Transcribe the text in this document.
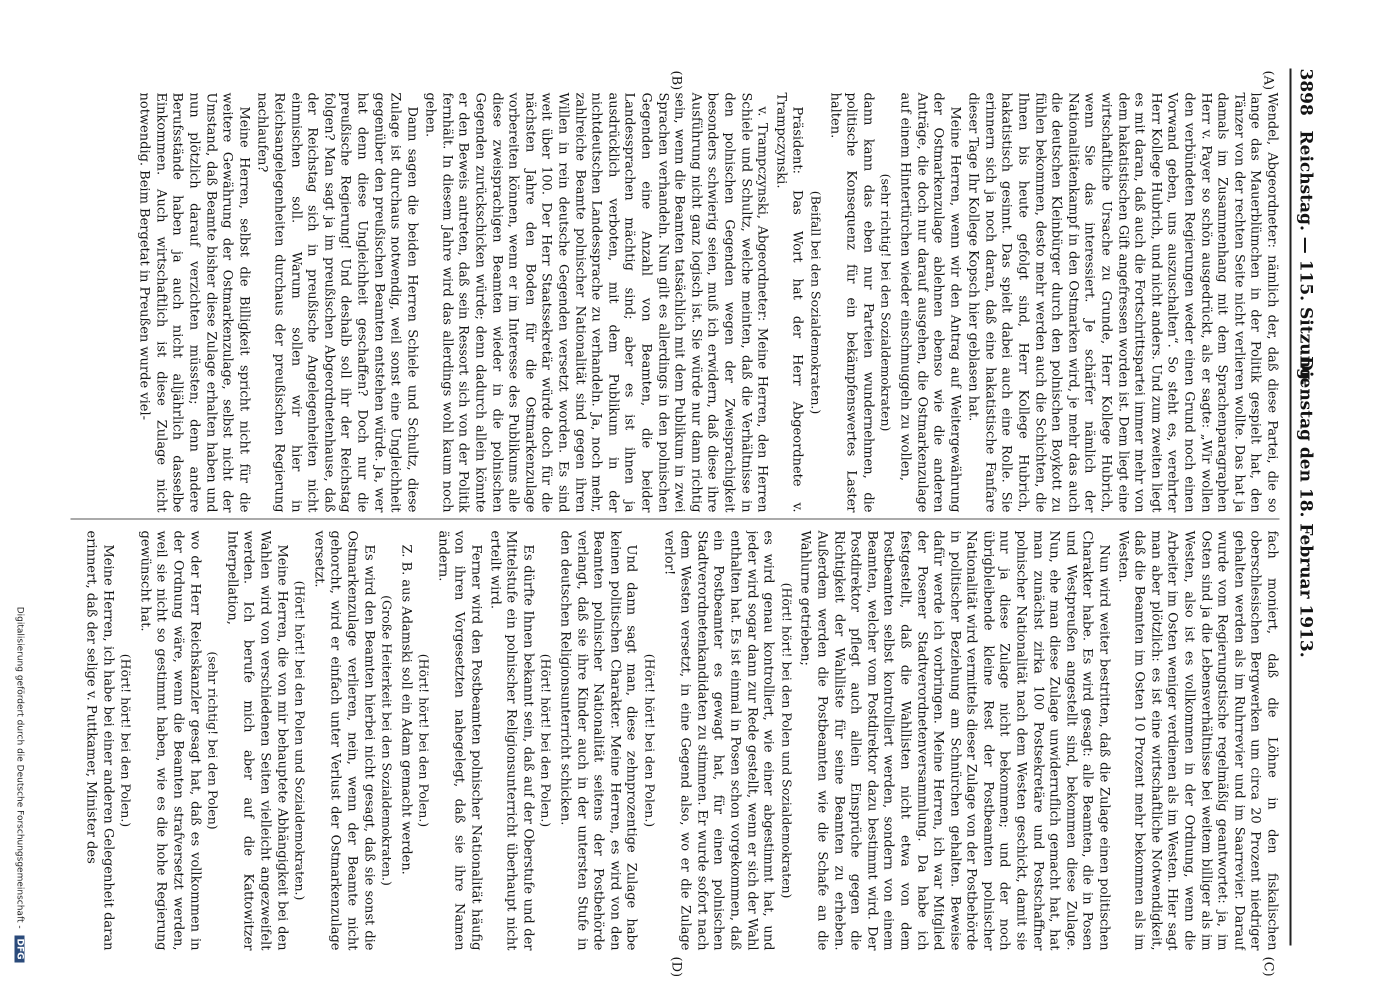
3898
Reichstag. — 115. Sitzung.
Dienstag den 18. Februar 1913.
(A)
(B)
(C)
(D)

Wendel, Abgeordneter: nämlich der, daß diese Partei, die so lange das Mauerblümchen in der Politik gespielt hat, den Tänzer von der rechten Seite nicht verlieren wollte. Das hat ja damals im Zusammenhang mit dem Sprachenparagraphen Herr v. Payer so schön ausgedrückt, als er sagte: „Wir wollen den verbündeten Regierungen weder einen Grund noch einen Vorwand geben, uns auszuschalten“. So steht es, verehrter Herr Kollege Hubrich, und nicht anders. Und zum zweiten liegt es mit daran, daß auch die Fortschrittspartei immer mehr von dem hakatistischen Gift angefressen worden ist. Dem liegt eine wirtschaftliche Ursache zu Grunde, Herr Kollege Hubrich, wenn Sie das interessiert. Je schärfer nämlich der Nationalitätenkampf in den Ostmarken wird, je mehr das auch die deutschen Kleinbürger durch den polnischen Boykott zu fühlen bekommen, desto mehr werden auch die Schichten, die Ihnen bis heute gefolgt sind, Herr Kollege Hubrich, hakatistisch gesinnt. Das spielt dabei auch eine Rolle. Sie erinnern sich ja noch daran, daß eine hakatistische Fanfare dieser Tage Ihr Kollege Kopsch hier geblasen hat.

Meine Herren, wenn wir den Antrag auf Weitergewährung der Ostmarkenzulage ablehnen ebenso wie die anderen Anträge, die doch nur darauf ausgehen, die Ostmarkenzulage auf einem Hintertürchen wieder einschmuggeln zu wollen,

(sehr richtig! bei den Sozialdemokraten)

dann kann das eben nur Parteien wundernehmen, die politische Konsequenz für ein bekämpfenswertes Laster halten.

(Beifall bei den Sozialdemokraten.)

Präsident: Das Wort hat der Herr Abgeordnete v. Trampczynski.

v. Trampczynski, Abgeordneter: Meine Herren, den Herren Schiele und Schultz, welche meinten, daß die Verhältnisse in den polnischen Gegenden wegen der Zweisprachigkeit besonders schwierig seien, muß ich erwidern, daß diese ihre Ausführung nicht ganz logisch ist. Sie würde nur dann richtig sein, wenn die Beamten tatsächlich mit dem Publikum in zwei Sprachen verhandeln. Nun gilt es allerdings in den polnischen Gegenden eine Anzahl von Beamten, die beider Landessprachen mächtig sind; aber es ist ihnen ja ausdrücklich verboten, mit dem Publikum in der nichtdeutschen Landessprache zu verhandeln. Ja, noch mehr, zahlreiche Beamte polnischer Nationalität sind gegen ihren Willen in rein deutsche Gegenden versetzt worden. Es sind weit über 100. Der Herr Staatssekretär würde doch für die nächsten Jahre den Boden für die Ostmarkenzulage vorbereiten können, wenn er im Interesse des Publikums alle diese zweisprachigen Beamten wieder in die polnischen Gegenden zurückschicken würde; denn dadurch allein könnte er den Beweis antreten, daß sein Ressort sich von der Politik fernhält. In diesem Jahre wird das allerdings wohl kaum noch gehen.

Dann sagen die beiden Herren Schiele und Schultz, diese Zulage ist durchaus notwendig, weil sonst eine Ungleichheit gegenüber den preußischen Beamten entstehen würde. Ja, wer hat denn diese Ungleichheit geschaffen? Doch nur die preußische Regierung! Und deshalb soll ihr der Reichstag folgen? Man sagt ja im preußischen Abgeordnetenhause, daß der Reichstag sich in preußische Angelegenheiten nicht einmischen soll. Warum sollen wir hier in Reichsangelegenheiten durchaus der preußischen Regierung nachlaufen?

Meine Herren, selbst die Billigkeit spricht nicht für die weitere Gewährung der Ostmarkenzulage, selbst nicht der Umstand, daß Beamte bisher diese Zulage erhalten haben und nun plötzlich darauf verzichten müssten; denn andere Berufsstände haben ja auch nicht alljährlich dasselbe Einkommen. Auch wirtschaftlich ist diese Zulage nicht notwendig. Beim Bergetat in Preußen wurde viel-

fach moniert, daß die Löhne in den fiskalischen oberschlesischen Bergwerken um circa 20 Prozent niedriger gehalten werden als im Ruhrrevier und im Saarrevier. Darauf wurde vom Regierungstische regelmäßig geantwortet: ja, im Osten sind ja die Lebensverhältnisse bei weitem billiger als im Westen, also ist es vollkommen in der Ordnung, wenn die Arbeiter im Osten weniger verdienen als im Westen. Hier sagt man aber plötzlich: es ist eine wirtschaftliche Notwendigkeit, daß die Beamten im Osten 10 Prozent mehr bekommen als im Westen.

Nun wird weiter bestritten, daß die Zulage einen politischen Charakter habe. Es wird gesagt: alle Beamten, die in Posen und Westpreußen angestellt sind, bekommen diese Zulage. Nun, ehe man diese Zulage unwiderruflich gemacht hat, hat man zunächst zirka 100 Postsekretäre und Postschaffner polnischer Nationalität nach dem Westen geschickt, damit sie nur ja diese Zulage nicht bekommen; und der noch übrigbleibende kleine Rest der Postbeamten polnischer Nationalität wird vermittels dieser Zulage von der Postbehörde in politischer Beziehung am Schnürchen gehalten. Beweise dafür werde ich vorbringen. Meine Herren, ich war Mitglied der Posener Stadtverordnetenversammlung. Da habe ich festgestellt, daß die Wahllisten nicht etwa von dem Postbeamten selbst kontrolliert werden, sondern von einem Beamten, welcher vom Postdirektor dazu bestimmt wird. Der Postdirektor pflegt auch allein Einsprüche gegen die Richtigkeit der Wahlliste für seine Beamten zu erheben. Außerdem werden die Postbeamten wie die Schafe an die Wahlurne getrieben;

(Hört! hört! bei den Polen und Sozialdemokraten)

es wird genau kontrolliert, wie einer abgestimmt hat, und jeder wird sogar dann zur Rede gestellt, wenn er sich der Wahl enthalten hat. Es ist einmal in Posen schon vorgekommen, daß ein Postbeamter es gewagt hat, für einen polnischen Stadtverordnetenkandidaten zu stimmen. Er wurde sofort nach dem Westen versetzt, in eine Gegend also, wo er die Zulage verlor!

(Hört! hört! bei den Polen.)

Und dann sagt man, diese zehnprozentige Zulage habe keinen politischen Charakter. Meine Herren, es wird von den Beamten polnischer Nationalität seitens der Postbehörde verlangt, daß sie ihre Kinder auch in der untersten Stufe in den deutschen Religionsunterricht schicken.

(Hört! hört! bei den Polen.)

Es dürfte Ihnen bekannt sein, daß auf der Oberstufe und der Mittelstufe ein polnischer Religionsunterricht überhaupt nicht erteilt wird.

Ferner wird den Postbeamten polnischer Nationalität häufig von ihren Vorgesetzten nahegelegt, daß sie ihre Namen ändern.

(Hört! hört! bei den Polen.)

Z. B. aus Adamski soll ein Adam gemacht werden.

(Große Heiterkeit bei den Sozialdemokraten.)

Es wird den Beamten hierbei nicht gesagt, daß sie sonst die Ostmarkenzulage verlieren, nein, wenn der Beamte nicht gehorcht, wird er einfach unter Verlust der Ostmarkenzulage versetzt.

(Hört! hört! bei den Polen und Sozialdemokraten.)

Meine Herren, die von mir behauptete Abhängigkeit bei den Wahlen wird von verschiedenen Seiten vielleicht angezweifelt werden. Ich berufe mich aber auf die Kattowitzer Interpellation,

(sehr richtig! bei den Polen)

wo der Herr Reichskanzler gesagt hat, daß es vollkommen in der Ordnung wäre, wenn die Beamten strafversetzt werden, weil sie nicht so gestimmt haben, wie es die hohe Regierung gewünscht hat.

(Hört! hört! bei den Polen.)

Meine Herren, ich habe bei einer anderen Gelegenheit daran erinnert, daß der selige v. Puttkamer, Minister des

Digitalisierung gefördert durch die Deutsche Forschungsgemeinschaft - DFG
